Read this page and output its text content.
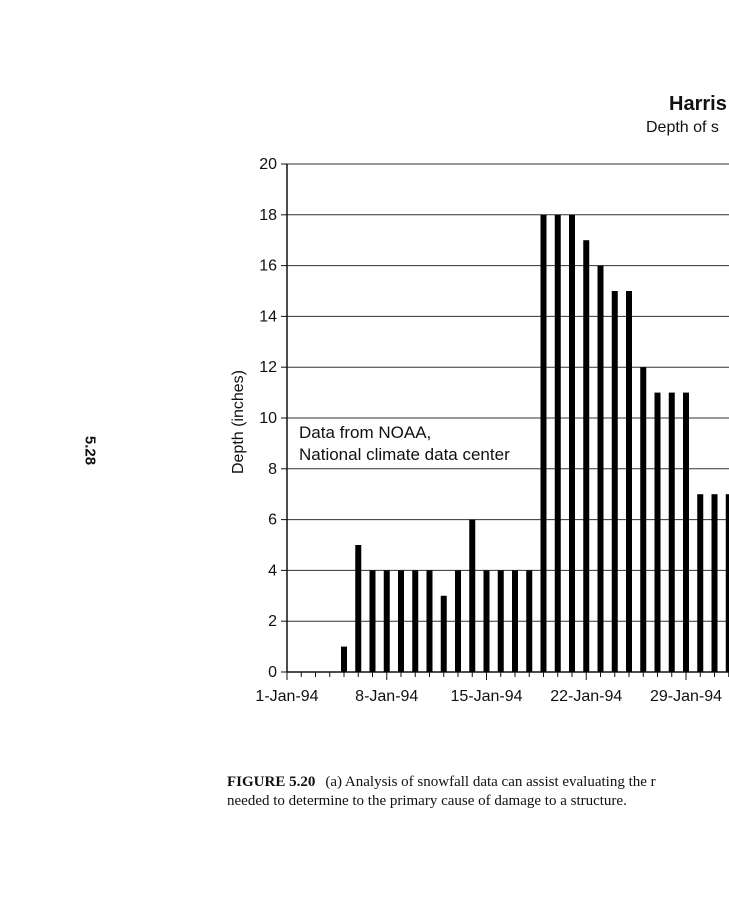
5.28
Harris
Depth of s
0
2
4
6
8
10
12
14
16
18
20
Depth (inches)
1-Jan-94 8-Jan-94 15-Jan-94 22-Jan-94 29-Jan-94
Data from NOAA,
National climate data center
FIGURE 5.20 (a) Analysis of snowfall data can assist evaluating the r
needed to determine to the primary cause of damage to a structure.
